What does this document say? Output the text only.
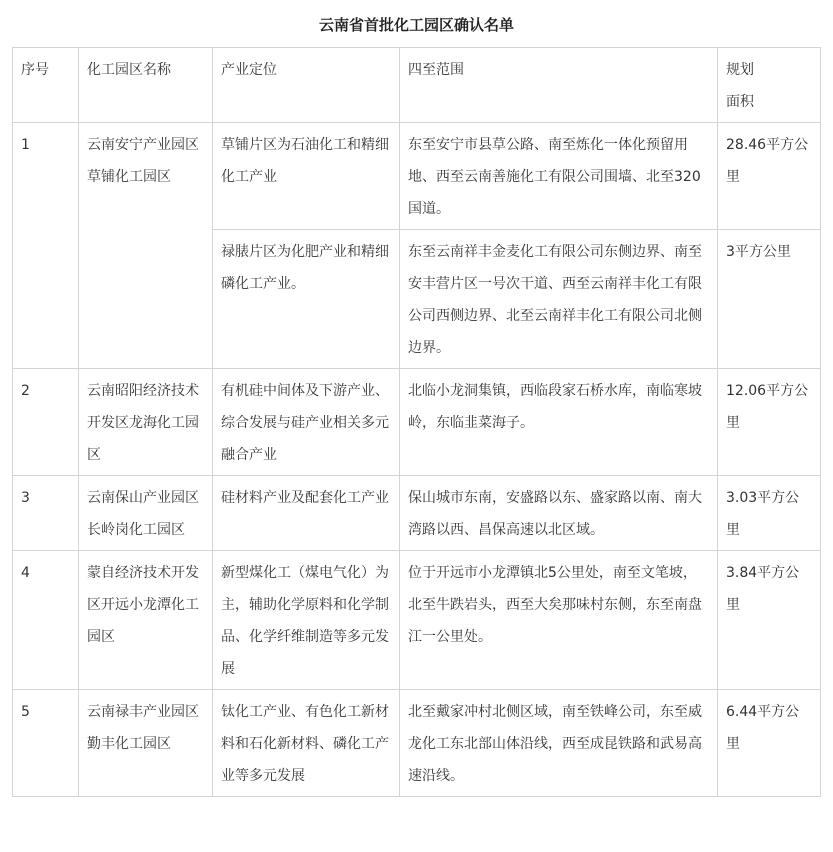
云南省首批化工园区确认名单
序号	化工园区名称	产业定位	四至范围	规划
面积
1	云南安宁产业园区草铺化工园区	草铺片区为石油化工和精细化工产业	东至安宁市县草公路、南至炼化一体化预留用地、西至云南善施化工有限公司围墙、北至320国道。	28.46平方公里
		禄脿片区为化肥产业和精细磷化工产业。	东至云南祥丰金麦化工有限公司东侧边界、南至安丰营片区一号次干道、西至云南祥丰化工有限公司西侧边界、北至云南祥丰化工有限公司北侧边界。	3平方公里
2	云南昭阳经济技术开发区龙海化工园区	有机硅中间体及下游产业、综合发展与硅产业相关多元融合产业	北临小龙洞集镇，西临段家石桥水库，南临寒坡岭，东临韭菜海子。	12.06平方公里
3	云南保山产业园区长岭岗化工园区	硅材料产业及配套化工产业	保山城市东南，安盛路以东、盛家路以南、南大湾路以西、昌保高速以北区域。	3.03平方公里
4	蒙自经济技术开发区开远小龙潭化工园区	新型煤化工（煤电气化）为主，辅助化学原料和化学制品、化学纤维制造等多元发展	位于开远市小龙潭镇北5公里处，南至文笔坡，北至牛跌岩头，西至大矣那味村东侧，东至南盘江一公里处。	3.84平方公里
5	云南禄丰产业园区勤丰化工园区	钛化工产业、有色化工新材料和石化新材料、磷化工产业等多元发展	北至戴家冲村北侧区域，南至铁峰公司，东至威龙化工东北部山体沿线，西至成昆铁路和武易高速沿线。	6.44平方公里
